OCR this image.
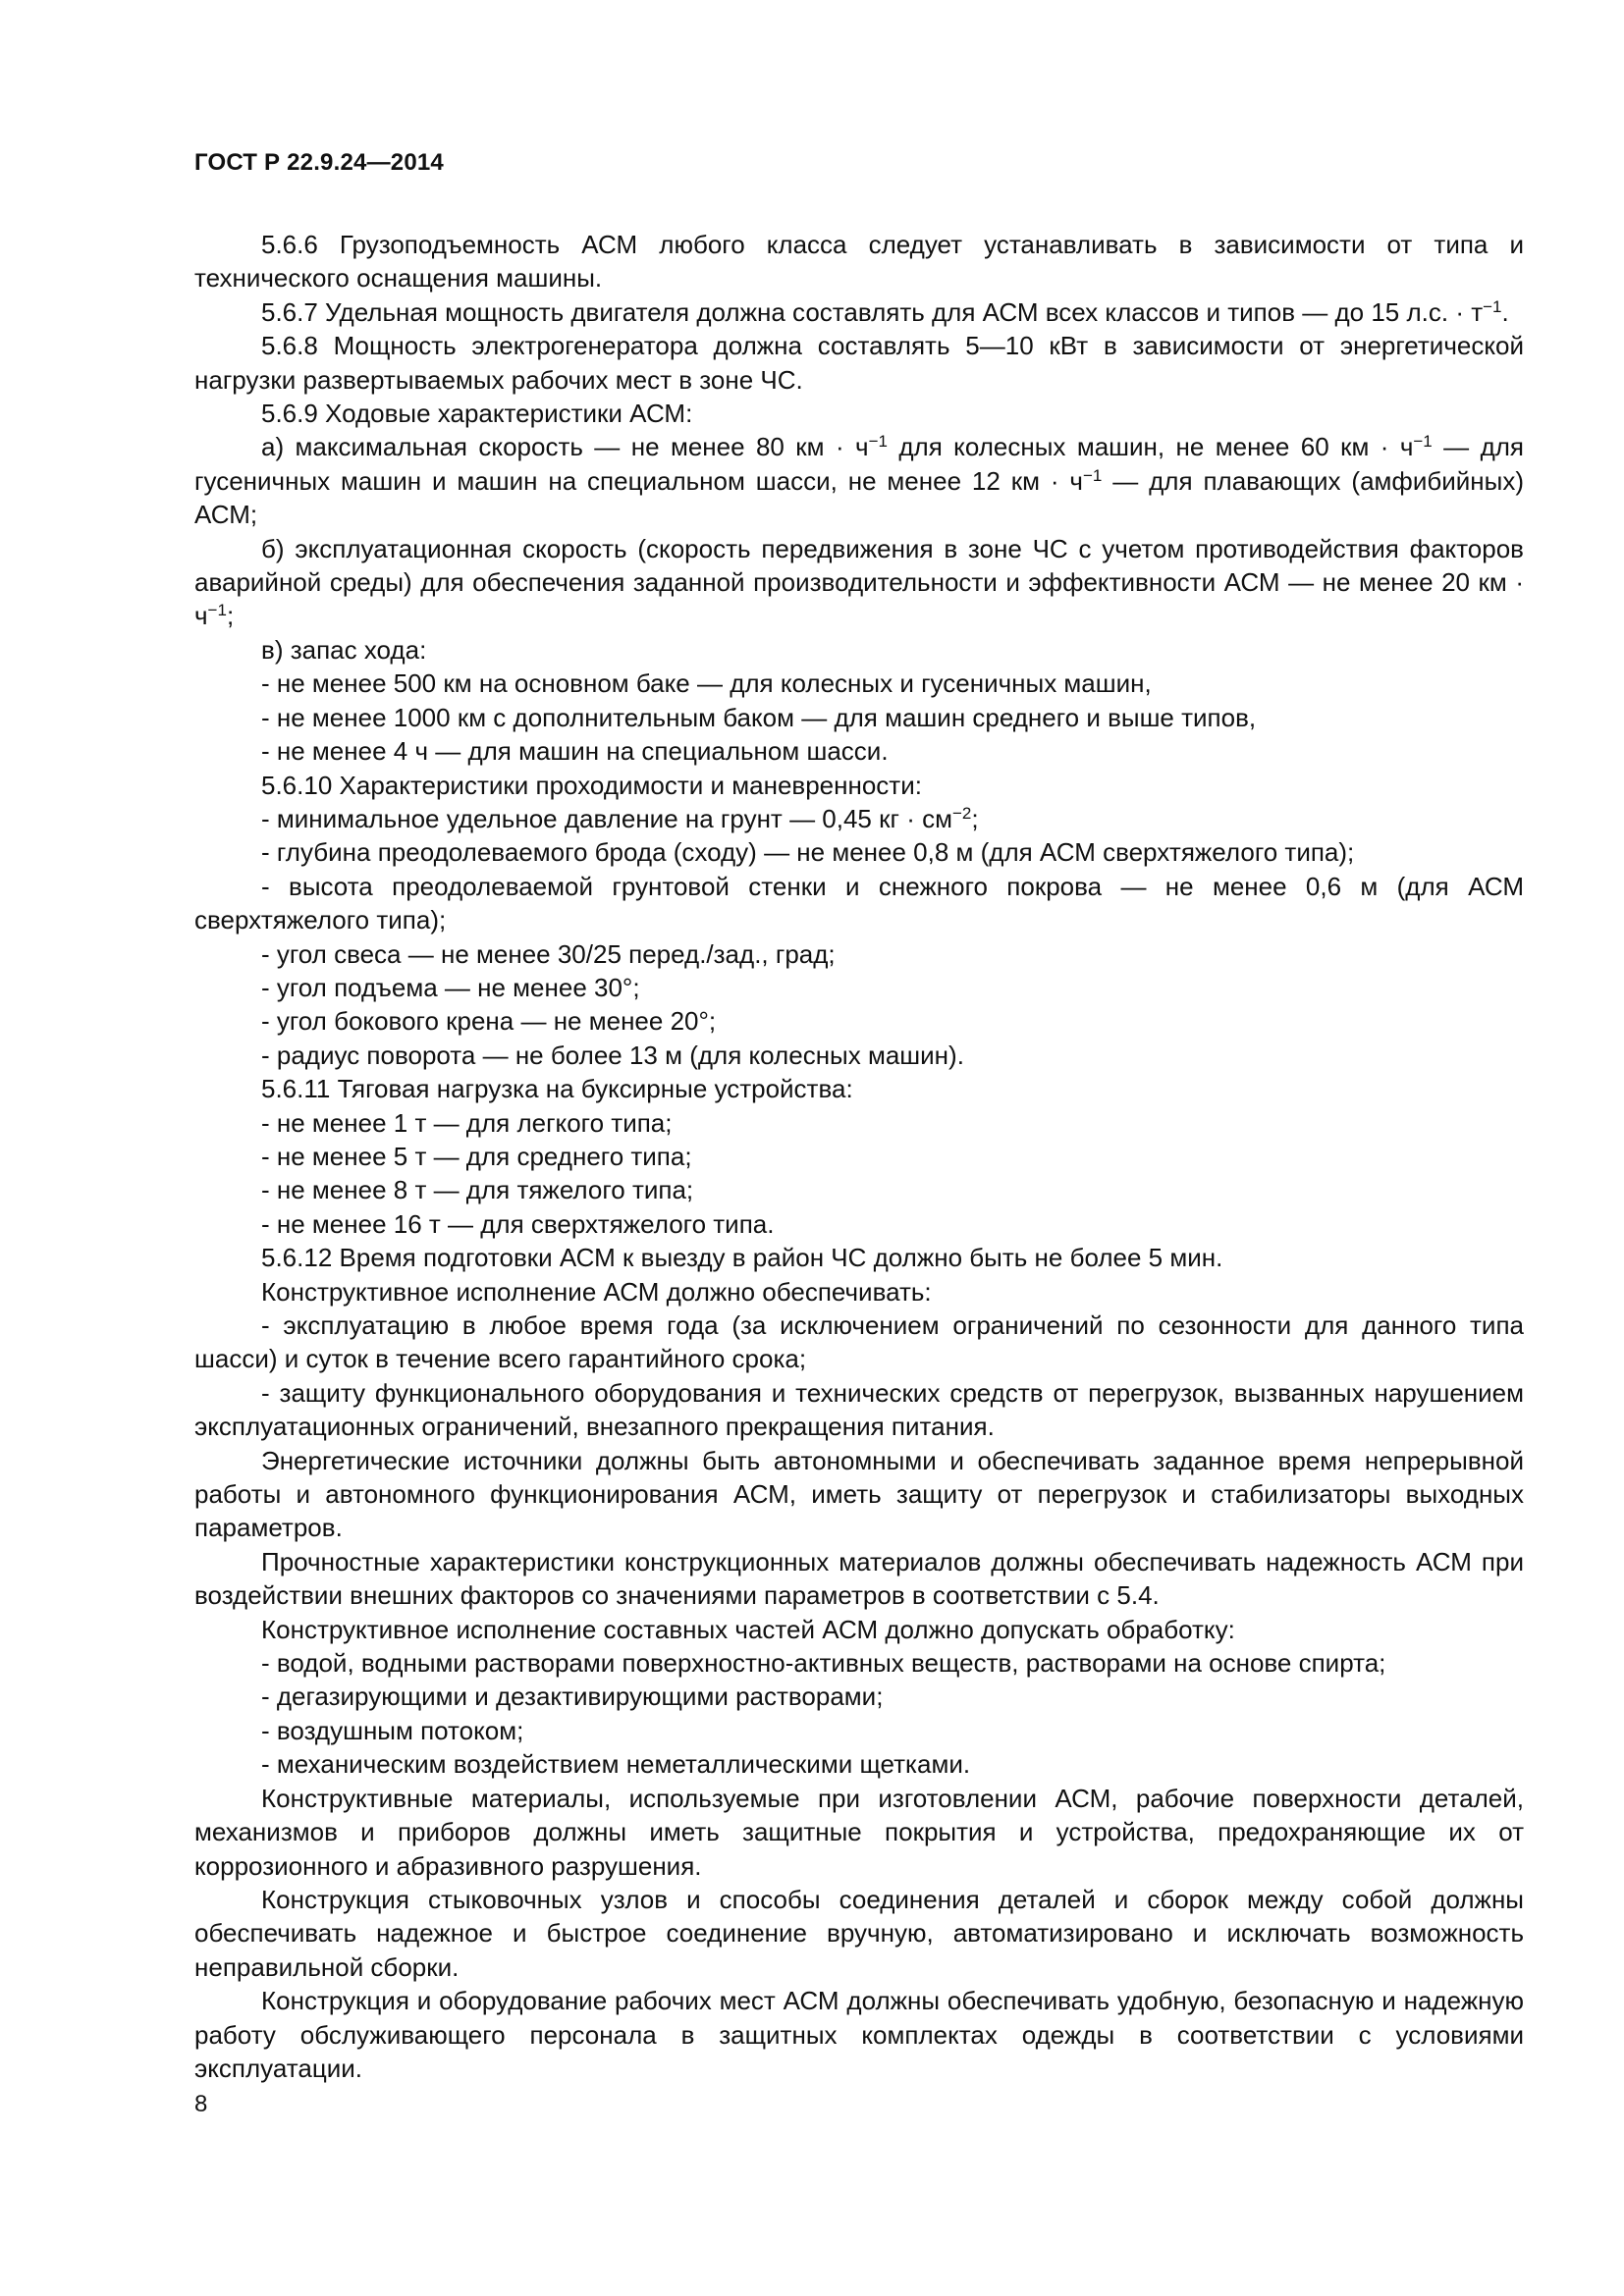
ГОСТ Р 22.9.24—2014

5.6.6 Грузоподъемность АСМ любого класса следует устанавливать в зависимости от типа и технического оснащения машины.

5.6.7 Удельная мощность двигателя должна составлять для АСМ всех классов и типов — до 15 л.с. · $т^{-1}$.

5.6.8 Мощность электрогенератора должна составлять 5—10 кВт в зависимости от энергетической нагрузки развертываемых рабочих мест в зоне ЧС.

5.6.9 Ходовые характеристики АСМ:

а) максимальная скорость — не менее 80 км · $ч^{-1}$ для колесных машин, не менее 60 км · $ч^{-1}$ — для гусеничных машин и машин на специальном шасси, не менее 12 км · $ч^{-1}$ — для плавающих (амфибийных) АСМ;

б) эксплуатационная скорость (скорость передвижения в зоне ЧС с учетом противодействия факторов аварийной среды) для обеспечения заданной производительности и эффективности АСМ — не менее 20 км · $ч^{-1}$;

в) запас хода:

- не менее 500 км на основном баке — для колесных и гусеничных машин,

- не менее 1000 км с дополнительным баком — для машин среднего и выше типов,

- не менее 4 ч — для машин на специальном шасси.

5.6.10 Характеристики проходимости и маневренности:

- минимальное удельное давление на грунт — 0,45 кг · $см^{-2}$;

- глубина преодолеваемого брода (сходу) — не менее 0,8 м (для АСМ сверхтяжелого типа);

- высота преодолеваемой грунтовой стенки и снежного покрова — не менее 0,6 м (для АСМ сверхтяжелого типа);

- угол свеса — не менее 30/25 перед./зад., град;

- угол подъема — не менее 30°;

- угол бокового крена — не менее 20°;

- радиус поворота — не более 13 м (для колесных машин).

5.6.11 Тяговая нагрузка на буксирные устройства:

- не менее 1 т — для легкого типа;

- не менее 5 т — для среднего типа;

- не менее 8 т — для тяжелого типа;

- не менее 16 т — для сверхтяжелого типа.

5.6.12 Время подготовки АСМ к выезду в район ЧС должно быть не более 5 мин.

Конструктивное исполнение АСМ должно обеспечивать:

- эксплуатацию в любое время года (за исключением ограничений по сезонности для данного типа шасси) и суток в течение всего гарантийного срока;

- защиту функционального оборудования и технических средств от перегрузок, вызванных нарушением эксплуатационных ограничений, внезапного прекращения питания.

Энергетические источники должны быть автономными и обеспечивать заданное время непрерывной работы и автономного функционирования АСМ, иметь защиту от перегрузок и стабилизаторы выходных параметров.

Прочностные характеристики конструкционных материалов должны обеспечивать надежность АСМ при воздействии внешних факторов со значениями параметров в соответствии с 5.4.

Конструктивное исполнение составных частей АСМ должно допускать обработку:

- водой, водными растворами поверхностно-активных веществ, растворами на основе спирта;

- дегазирующими и дезактивирующими растворами;

- воздушным потоком;

- механическим воздействием неметаллическими щетками.

Конструктивные материалы, используемые при изготовлении АСМ, рабочие поверхности деталей, механизмов и приборов должны иметь защитные покрытия и устройства, предохраняющие их от коррозионного и абразивного разрушения.

Конструкция стыковочных узлов и способы соединения деталей и сборок между собой должны обеспечивать надежное и быстрое соединение вручную, автоматизировано и исключать возможность неправильной сборки.

Конструкция и оборудование рабочих мест АСМ должны обеспечивать удобную, безопасную и надежную работу обслуживающего персонала в защитных комплектах одежды в соответствии с условиями эксплуатации.

8
